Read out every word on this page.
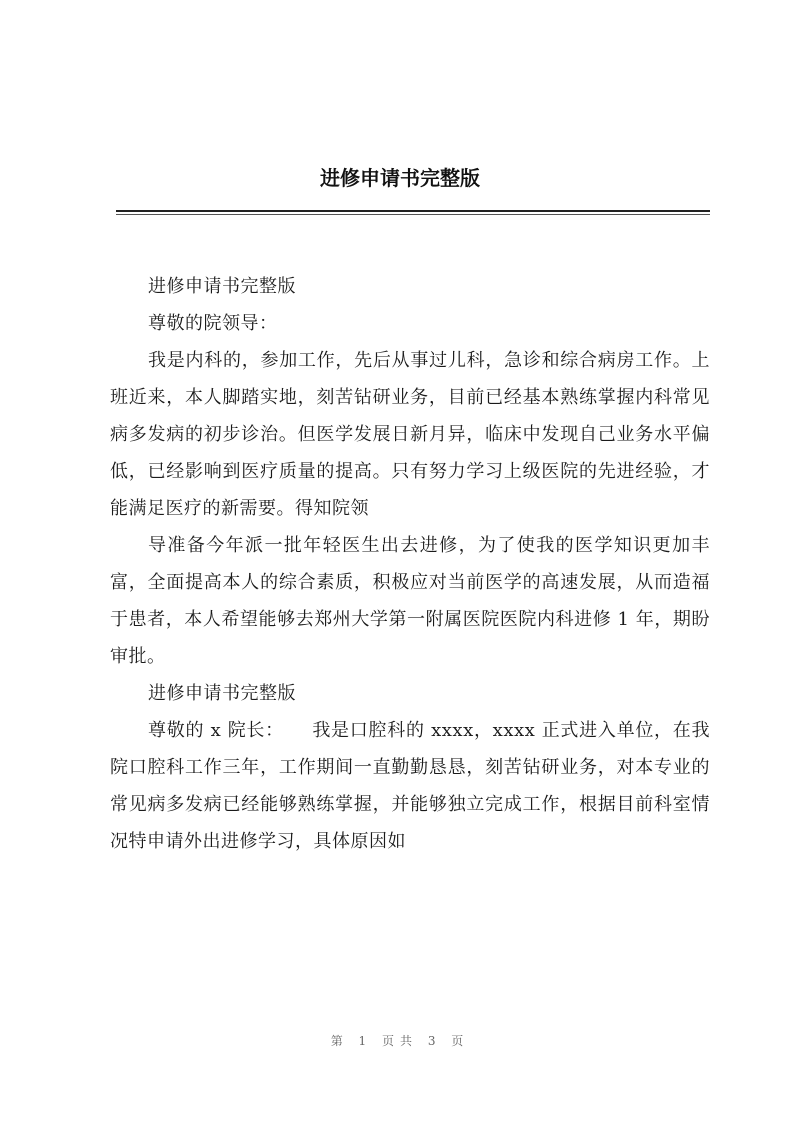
进修申请书完整版

进修申请书完整版

尊敬的院领导：

我是内科的，参加工作，先后从事过儿科，急诊和综合病房工作。上班近来，本人脚踏实地，刻苦钻研业务，目前已经基本熟练掌握内科常见病多发病的初步诊治。但医学发展日新月异，临床中发现自己业务水平偏低，已经影响到医疗质量的提高。只有努力学习上级医院的先进经验，才能满足医疗的新需要。得知院领

导准备今年派一批年轻医生出去进修，为了使我的医学知识更加丰富，全面提高本人的综合素质，积极应对当前医学的高速发展，从而造福于患者，本人希望能够去郑州大学第一附属医院医院内科进修 1 年，期盼审批。

进修申请书完整版

尊敬的 x 院长：　　我是口腔科的 xxxx，xxxx 正式进入单位，在我院口腔科工作三年，工作期间一直勤勤恳恳，刻苦钻研业务，对本专业的常见病多发病已经能够熟练掌握，并能够独立完成工作，根据目前科室情况特申请外出进修学习，具体原因如

第 1 页共 3 页
